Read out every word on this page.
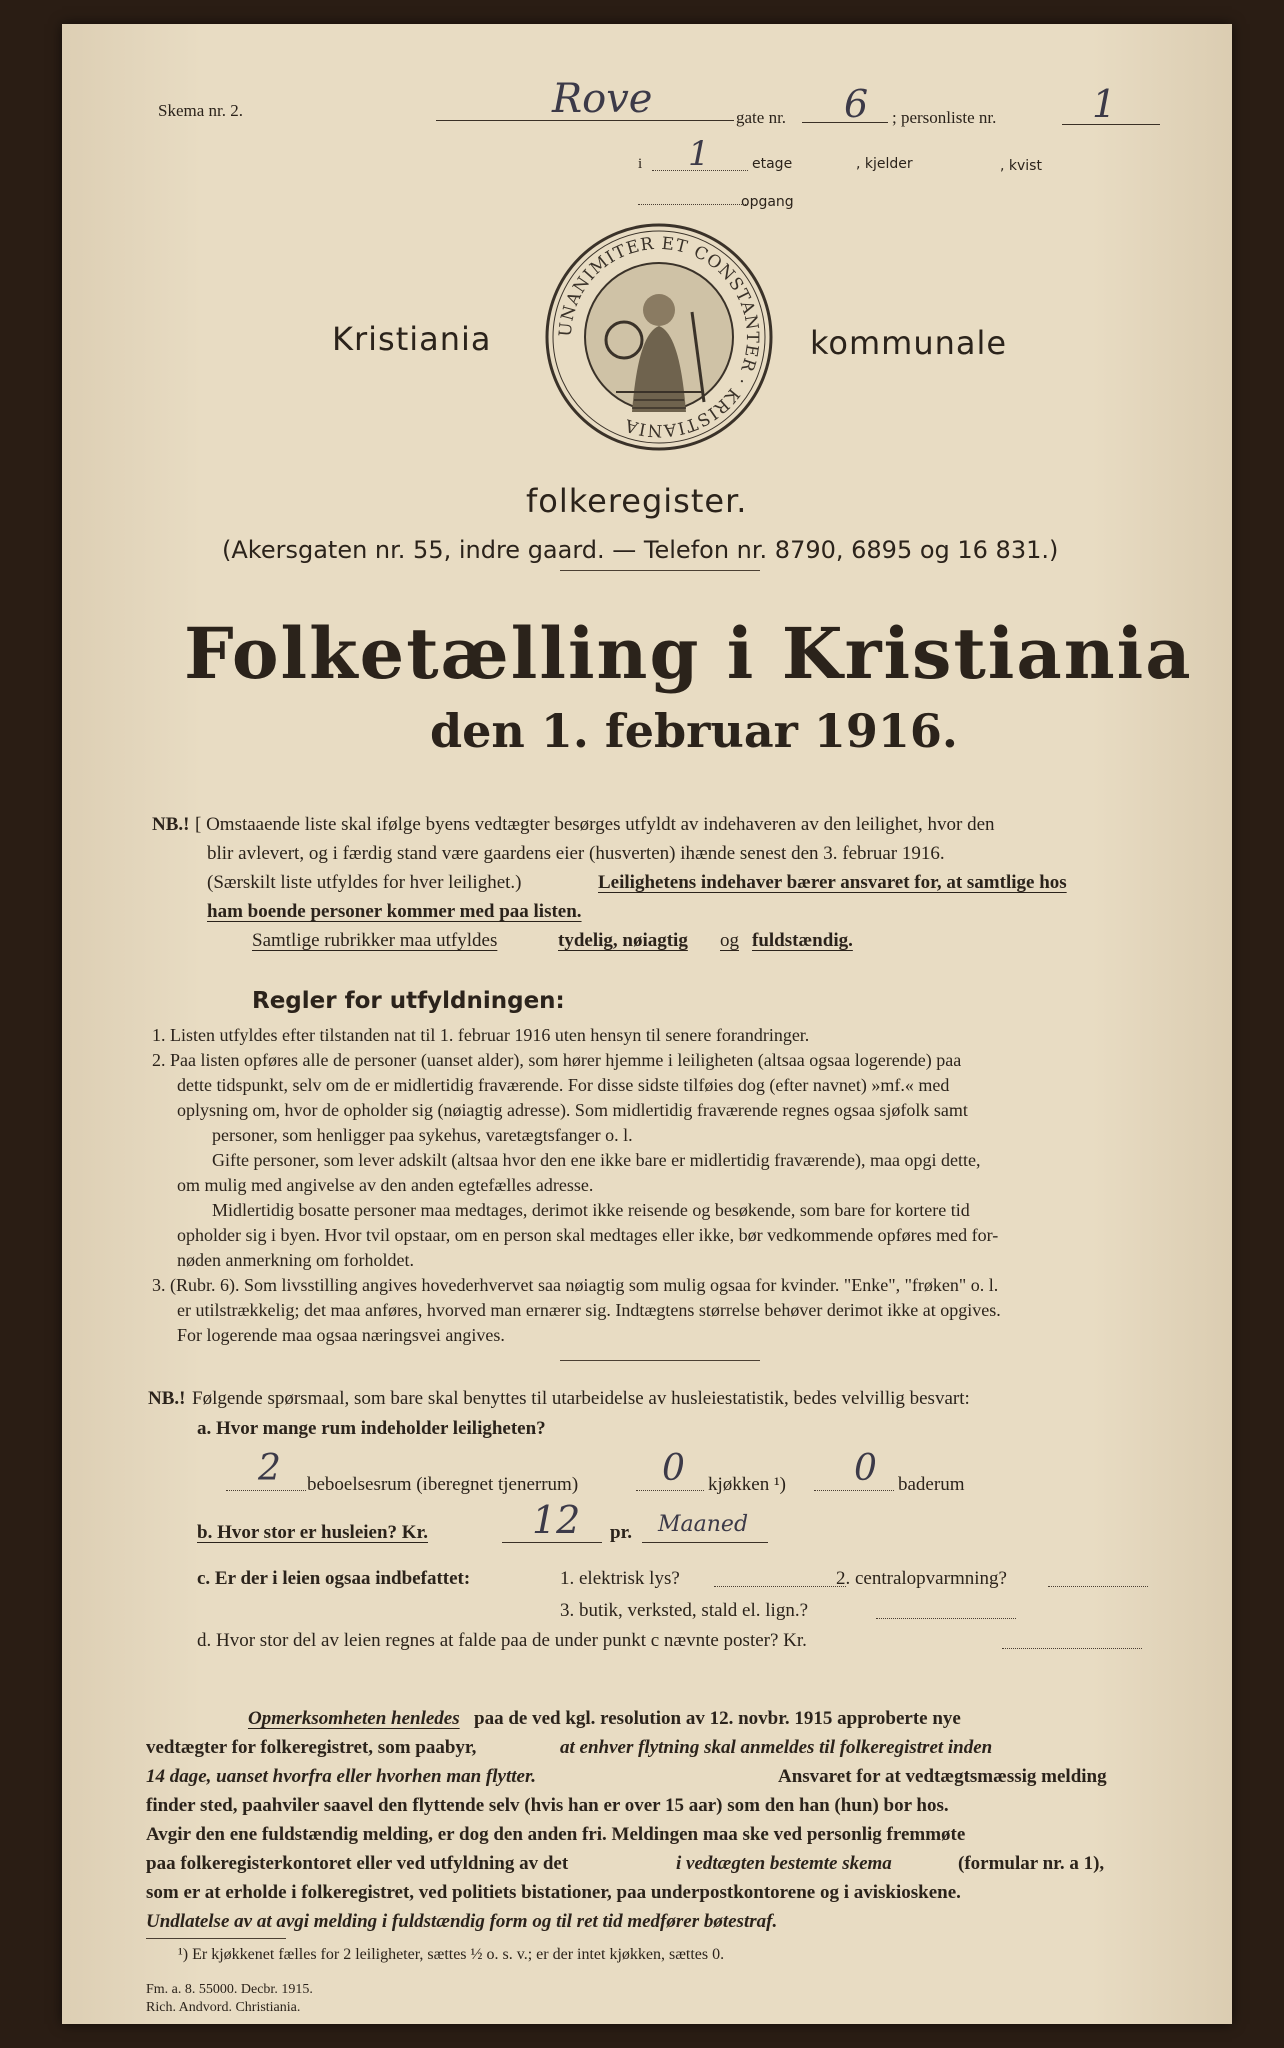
Skema nr. 2.	Rove	gate nr. 6 ; personliste nr.	1
i 1	etage	, kjelder	, kvist
opgang
UNANIMITER ET CONSTANTER · KRISTIANIA
Kristiania	kommunale
folkeregister.
(Akersgaten nr. 55, indre gaard. — Telefon nr. 8790, 6895 og 16 831.)
Folketælling i Kristiania
den 1. februar 1916.
NB.! [ Omstaaende liste skal ifølge byens vedtægter besørges utfyldt av indehaveren av den leilighet, hvor den
blir avlevert, og i færdig stand være gaardens eier (husverten) ihænde senest den 3. februar 1916.
(Særskilt liste utfyldes for hver leilighet.)	Leilighetens indehaver bærer ansvaret for, at samtlige hos
ham boende personer kommer med paa listen.
Samtlige rubrikker maa utfyldes	tydelig, nøiagtig og fuldstændig.
Regler for utfyldningen:
1. Listen utfyldes efter tilstanden nat til 1. februar 1916 uten hensyn til senere forandringer.
2. Paa listen opføres alle de personer (uanset alder), som hører hjemme i leiligheten (altsaa ogsaa logerende) paa
dette tidspunkt, selv om de er midlertidig fraværende. For disse sidste tilføies dog (efter navnet) »mf.« med
oplysning om, hvor de opholder sig (nøiagtig adresse). Som midlertidig fraværende regnes ogsaa sjøfolk samt
personer, som henligger paa sykehus, varetægtsfanger o. l.
Gifte personer, som lever adskilt (altsaa hvor den ene ikke bare er midlertidig fraværende), maa opgi dette,
om mulig med angivelse av den anden egtefælles adresse.
Midlertidig bosatte personer maa medtages, derimot ikke reisende og besøkende, som bare for kortere tid
opholder sig i byen. Hvor tvil opstaar, om en person skal medtages eller ikke, bør vedkommende opføres med for-
nøden anmerkning om forholdet.
3. (Rubr. 6). Som livsstilling angives hovederhvervet saa nøiagtig som mulig ogsaa for kvinder. "Enke", "frøken" o. l.
er utilstrækkelig; det maa anføres, hvorved man ernærer sig. Indtægtens størrelse behøver derimot ikke at opgives.
For logerende maa ogsaa næringsvei angives.
NB.! Følgende spørsmaal, som bare skal benyttes til utarbeidelse av husleiestatistik, bedes velvillig besvart:
a. Hvor mange rum indeholder leiligheten?
2 beboelsesrum (iberegnet tjenerrum) 0 kjøkken ¹) 0 baderum
b. Hvor stor er husleien? Kr.	12 pr. Maaned
c. Er der i leien ogsaa indbefattet:	1. elektrisk lys?	2. centralopvarmning?
3. butik, verksted, stald el. lign.?
d. Hvor stor del av leien regnes at falde paa de under punkt c nævnte poster? Kr.
Opmerksomheten henledes paa de ved kgl. resolution av 12. novbr. 1915 approberte nye
vedtægter for folkeregistret, som paabyr,	at enhver flytning skal anmeldes til folkeregistret inden
14 dage, uanset hvorfra eller hvorhen man flytter.	Ansvaret for at vedtægtsmæssig melding
finder sted, paahviler saavel den flyttende selv (hvis han er over 15 aar) som den han (hun) bor hos.
Avgir den ene fuldstændig melding, er dog den anden fri. Meldingen maa ske ved personlig fremmøte
paa folkeregisterkontoret eller ved utfyldning av det	i vedtægten bestemte skema	(formular nr. a 1),
som er at erholde i folkeregistret, ved politiets bistationer, paa underpostkontorene og i aviskioskene.
Undlatelse av at avgi melding i fuldstændig form og til ret tid medfører bøtestraf.
¹) Er kjøkkenet fælles for 2 leiligheter, sættes ½ o. s. v.; er der intet kjøkken, sættes 0.
Fm. a. 8. 55000. Decbr. 1915.
Rich. Andvord. Christiania.
